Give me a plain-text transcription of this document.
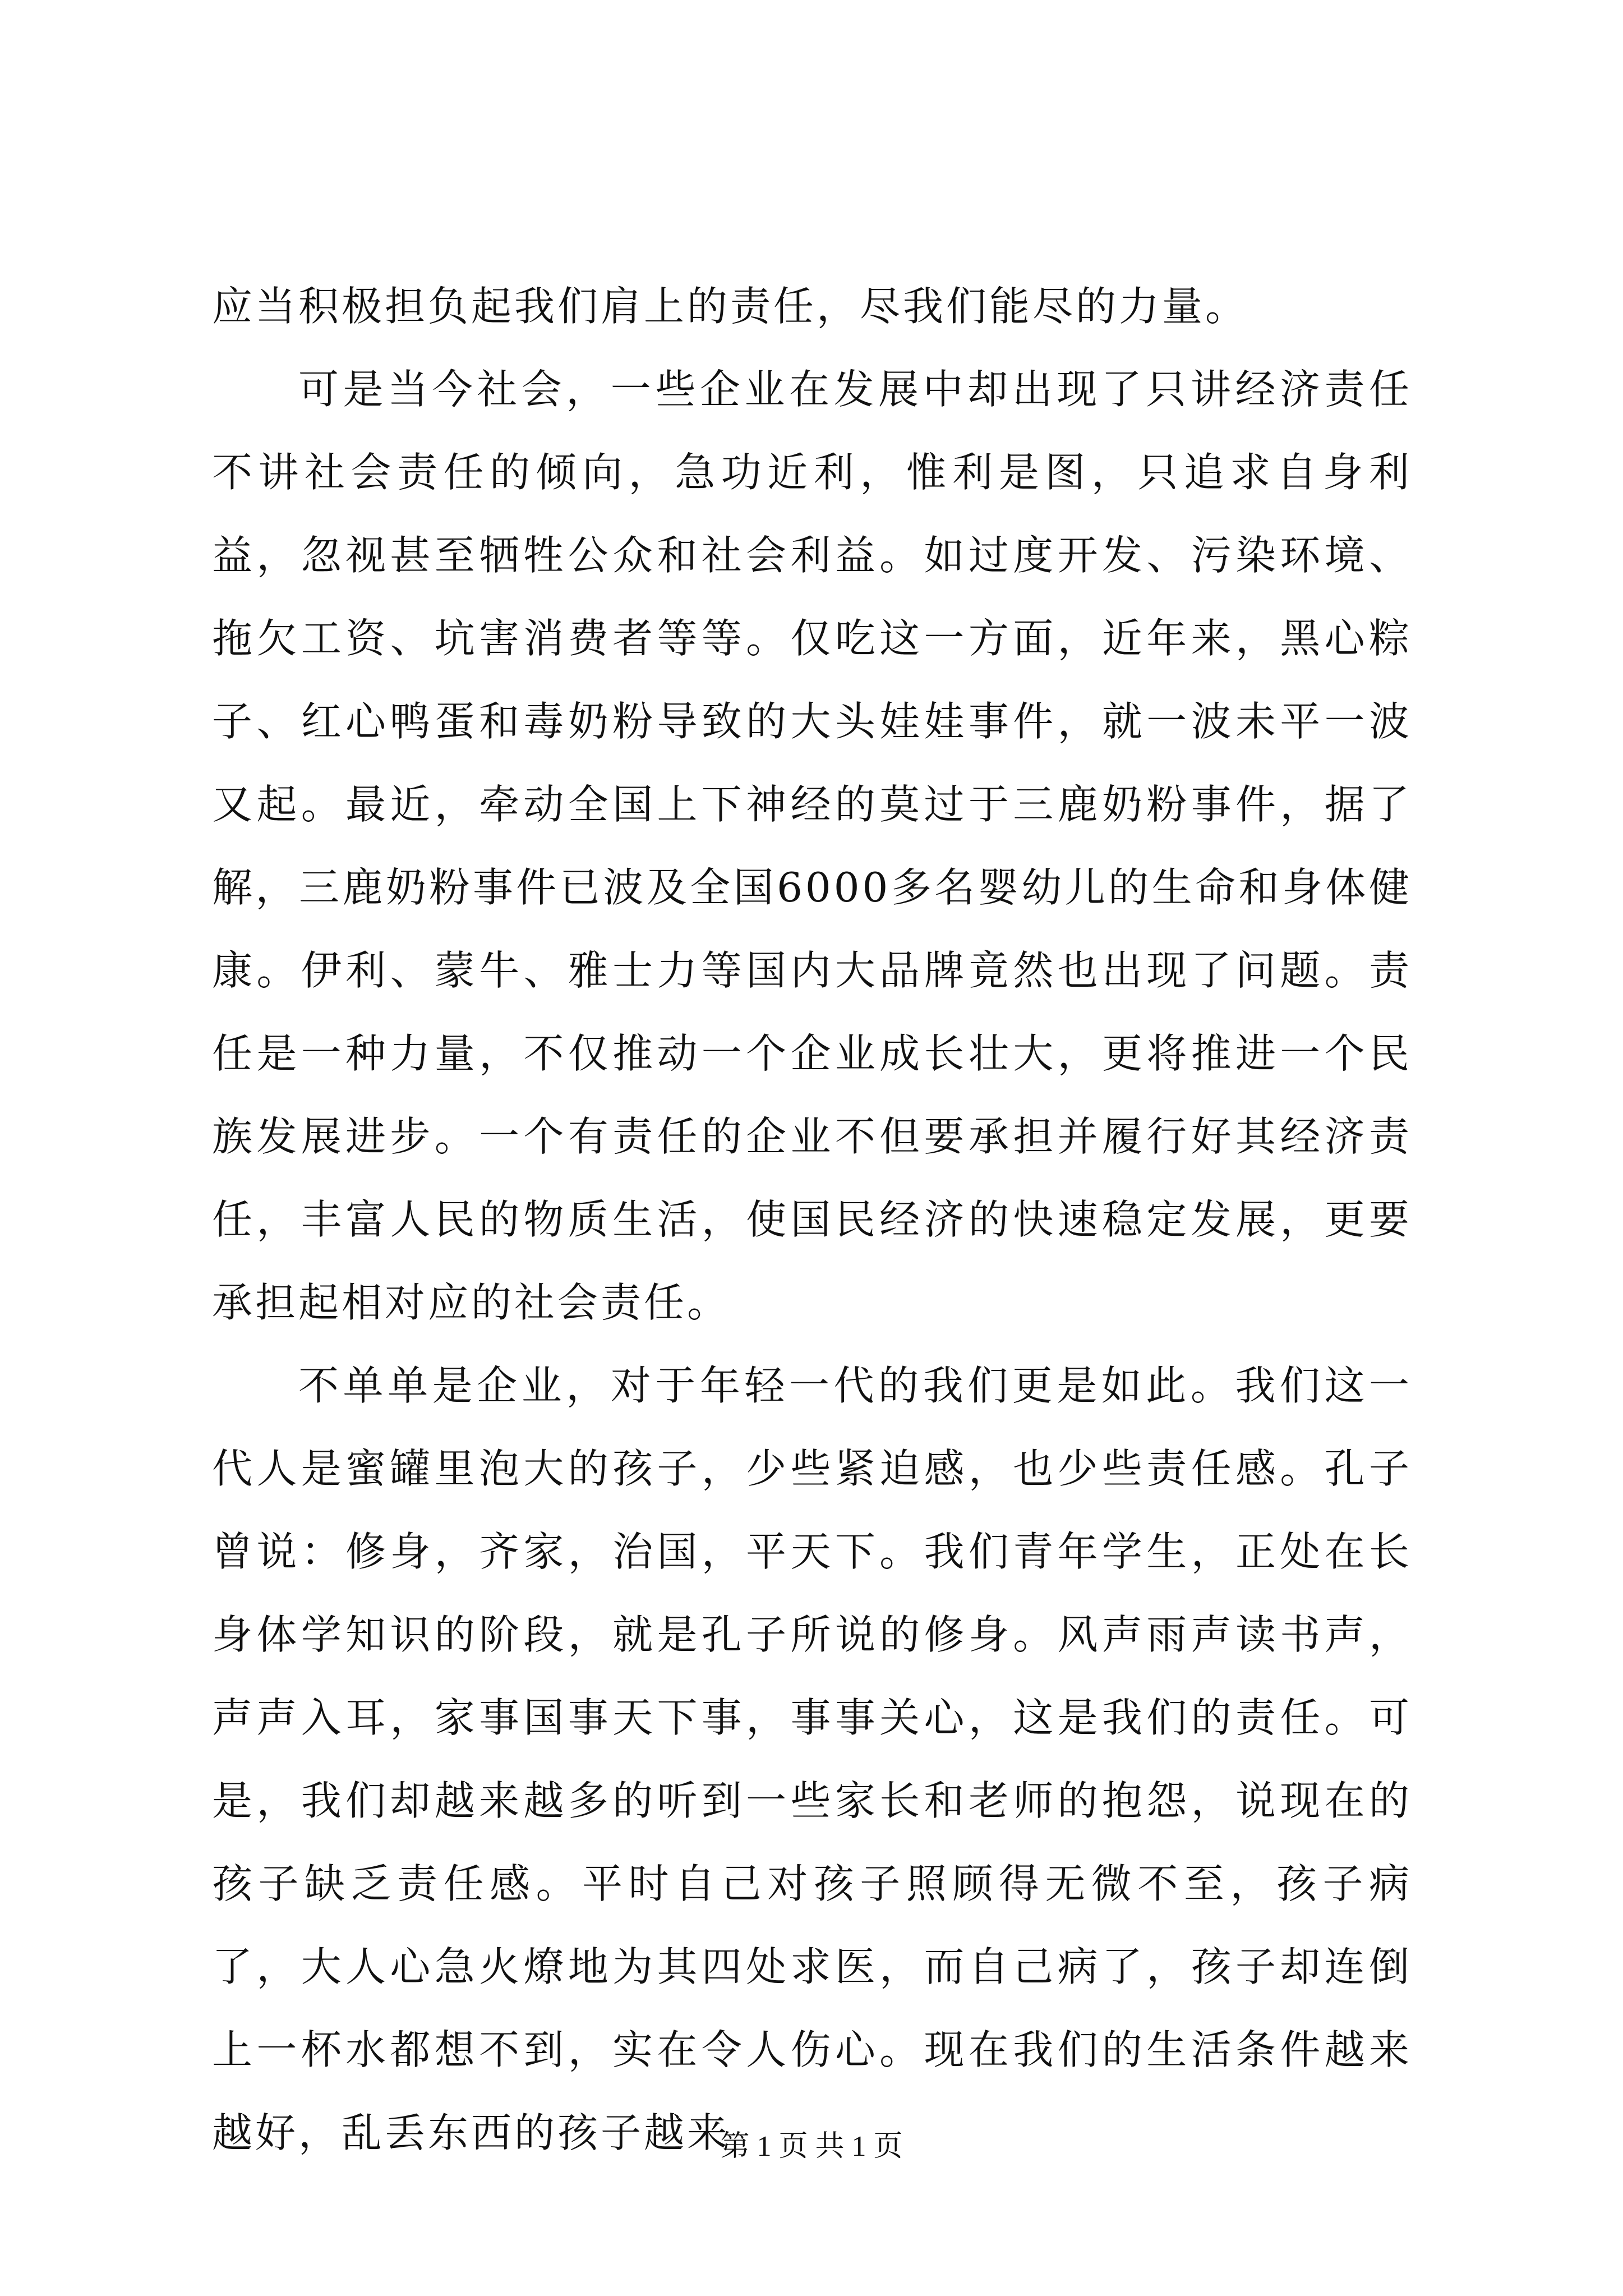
应当积极担负起我们肩上的责任，尽我们能尽的力量。

可是当今社会，一些企业在发展中却出现了只讲经济责任不讲社会责任的倾向，急功近利，惟利是图，只追求自身利益，忽视甚至牺牲公众和社会利益。如过度开发、污染环境、拖欠工资、坑害消费者等等。仅吃这一方面，近年来，黑心粽子、红心鸭蛋和毒奶粉导致的大头娃娃事件，就一波未平一波又起。最近，牵动全国上下神经的莫过于三鹿奶粉事件，据了解，三鹿奶粉事件已波及全国6000多名婴幼儿的生命和身体健康。伊利、蒙牛、雅士力等国内大品牌竟然也出现了问题。责任是一种力量，不仅推动一个企业成长壮大，更将推进一个民族发展进步。一个有责任的企业不但要承担并履行好其经济责任，丰富人民的物质生活，使国民经济的快速稳定发展，更要承担起相对应的社会责任。

不单单是企业，对于年轻一代的我们更是如此。我们这一代人是蜜罐里泡大的孩子，少些紧迫感，也少些责任感。孔子曾说：修身，齐家，治国，平天下。我们青年学生，正处在长身体学知识的阶段，就是孔子所说的修身。风声雨声读书声，声声入耳，家事国事天下事，事事关心，这是我们的责任。可是，我们却越来越多的听到一些家长和老师的抱怨，说现在的孩子缺乏责任感。平时自己对孩子照顾得无微不至，孩子病了，大人心急火燎地为其四处求医，而自己病了，孩子却连倒上一杯水都想不到，实在令人伤心。现在我们的生活条件越来越好，乱丢东西的孩子越来

第 1 页 共 1 页
